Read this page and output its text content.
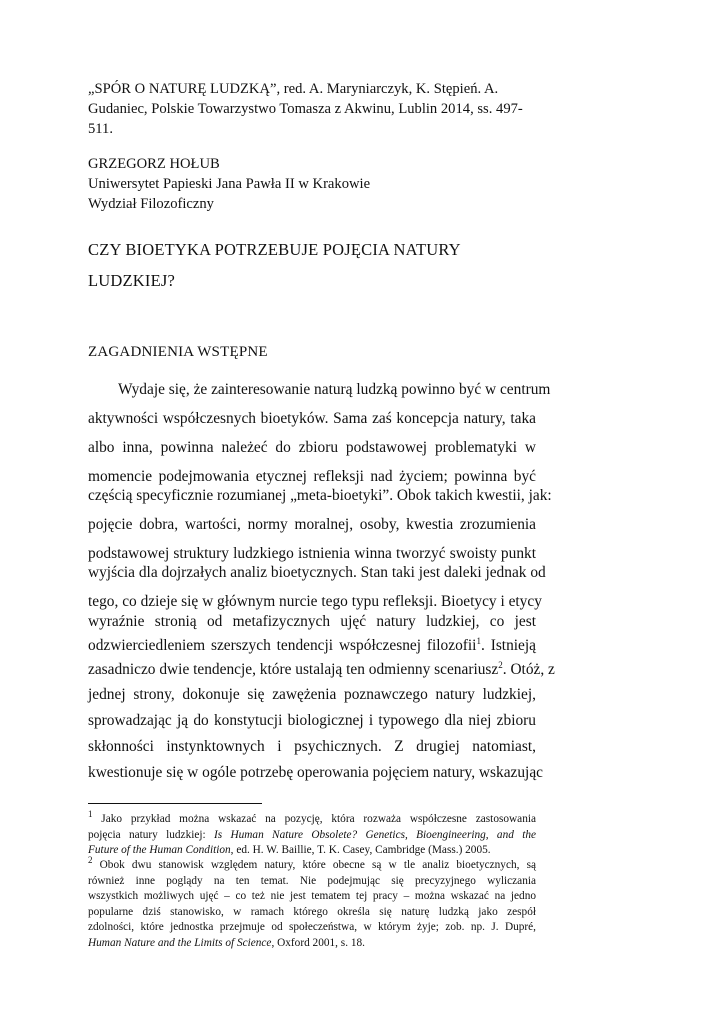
„SPÓR O NATURĘ LUDZKĄ”, red. A. Maryniarczyk, K. Stępień. A.
Gudaniec, Polskie Towarzystwo Tomasza z Akwinu, Lublin 2014, ss. 497-
511.
GRZEGORZ HOŁUB
Uniwersytet Papieski Jana Pawła II w Krakowie
Wydział Filozoficzny
CZY BIOETYKA POTRZEBUJE POJĘCIA NATURY
LUDZKIEJ?
ZAGADNIENIA WSTĘPNE
Wydaje się, że zainteresowanie naturą ludzką powinno być w centrum
aktywności współczesnych bioetyków. Sama zaś koncepcja natury, taka
albo inna, powinna należeć do zbioru podstawowej problematyki w
momencie podejmowania etycznej refleksji nad życiem; powinna być
częścią specyficznie rozumianej „meta-bioetyki”. Obok takich kwestii, jak:
pojęcie dobra, wartości, normy moralnej, osoby, kwestia zrozumienia
podstawowej struktury ludzkiego istnienia winna tworzyć swoisty punkt
wyjścia dla dojrzałych analiz bioetycznych. Stan taki jest daleki jednak od
tego, co dzieje się w głównym nurcie tego typu refleksji. Bioetycy i etycy
wyraźnie stronią od metafizycznych ujęć natury ludzkiej, co jest
odzwierciedleniem szerszych tendencji współczesnej filozofii$^1$. Istnieją
zasadniczo dwie tendencje, które ustalają ten odmienny scenariusz$^2$. Otóż, z
jednej strony, dokonuje się zawężenia poznawczego natury ludzkiej,
sprowadzając ją do konstytucji biologicznej i typowego dla niej zbioru
skłonności instynktownych i psychicznych. Z drugiej natomiast,
kwestionuje się w ogóle potrzebę operowania pojęciem natury, wskazując
$^1$ Jako przykład można wskazać na pozycję, która rozważa współczesne zastosowania
pojęcia natury ludzkiej: Is Human Nature Obsolete? Genetics, Bioengineering, and the
Future of the Human Condition, ed. H. W. Baillie, T. K. Casey, Cambridge (Mass.) 2005.
$^2$ Obok dwu stanowisk względem natury, które obecne są w tle analiz bioetycznych, są
również inne poglądy na ten temat. Nie podejmując się precyzyjnego wyliczania
wszystkich możliwych ujęć – co też nie jest tematem tej pracy – można wskazać na jedno
popularne dziś stanowisko, w ramach którego określa się naturę ludzką jako zespół
zdolności, które jednostka przejmuje od społeczeństwa, w którym żyje; zob. np. J. Dupré,
Human Nature and the Limits of Science, Oxford 2001, s. 18.
